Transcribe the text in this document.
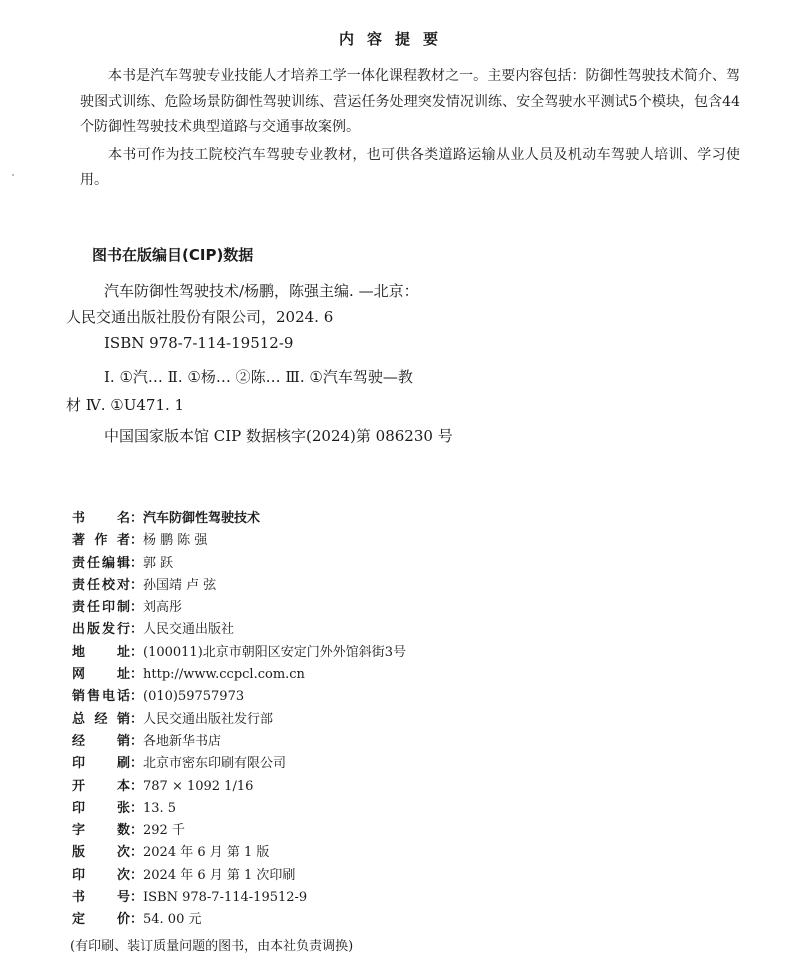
内容提要

本书是汽车驾驶专业技能人才培养工学一体化课程教材之一。主要内容包括：防御性驾驶技术简介、驾驶图式训练、危险场景防御性驾驶训练、营运任务处理突发情况训练、安全驾驶水平测试5个模块，包含44个防御性驾驶技术典型道路与交通事故案例。

本书可作为技工院校汽车驾驶专业教材，也可供各类道路运输从业人员及机动车驾驶人培训、学习使用。

图书在版编目(CIP)数据
汽车防御性驾驶技术/杨鹏，陈强主编. —北京：
人民交通出版社股份有限公司，2024. 6
ISBN 978-7-114-19512-9
Ⅰ. ①汽… Ⅱ. ①杨… ②陈… Ⅲ. ①汽车驾驶—教
材 Ⅳ. ①U471. 1
中国国家版本馆 CIP 数据核字(2024)第 086230 号
书名 ： 汽车防御性驾驶技术
著作者 ： 杨 鹏 陈 强
责任编辑 ： 郭 跃
责任校对 ： 孙国靖 卢 弦
责任印制 ： 刘高彤
出版发行 ： 人民交通出版社
地址 ： (100011)北京市朝阳区安定门外外馆斜街3号
网址 ： http://www.ccpcl.com.cn
销售电话 ： (010)59757973
总经销 ： 人民交通出版社发行部
经销 ： 各地新华书店
印刷 ： 北京市密东印刷有限公司
开本 ： 787 × 1092 1/16
印张 ： 13. 5
字数 ： 292 千
版次 ： 2024 年 6 月 第 1 版
印次 ： 2024 年 6 月 第 1 次印刷
书号 ： ISBN 978-7-114-19512-9
定价 ： 54. 00 元
(有印刷、装订质量问题的图书，由本社负责调换)
